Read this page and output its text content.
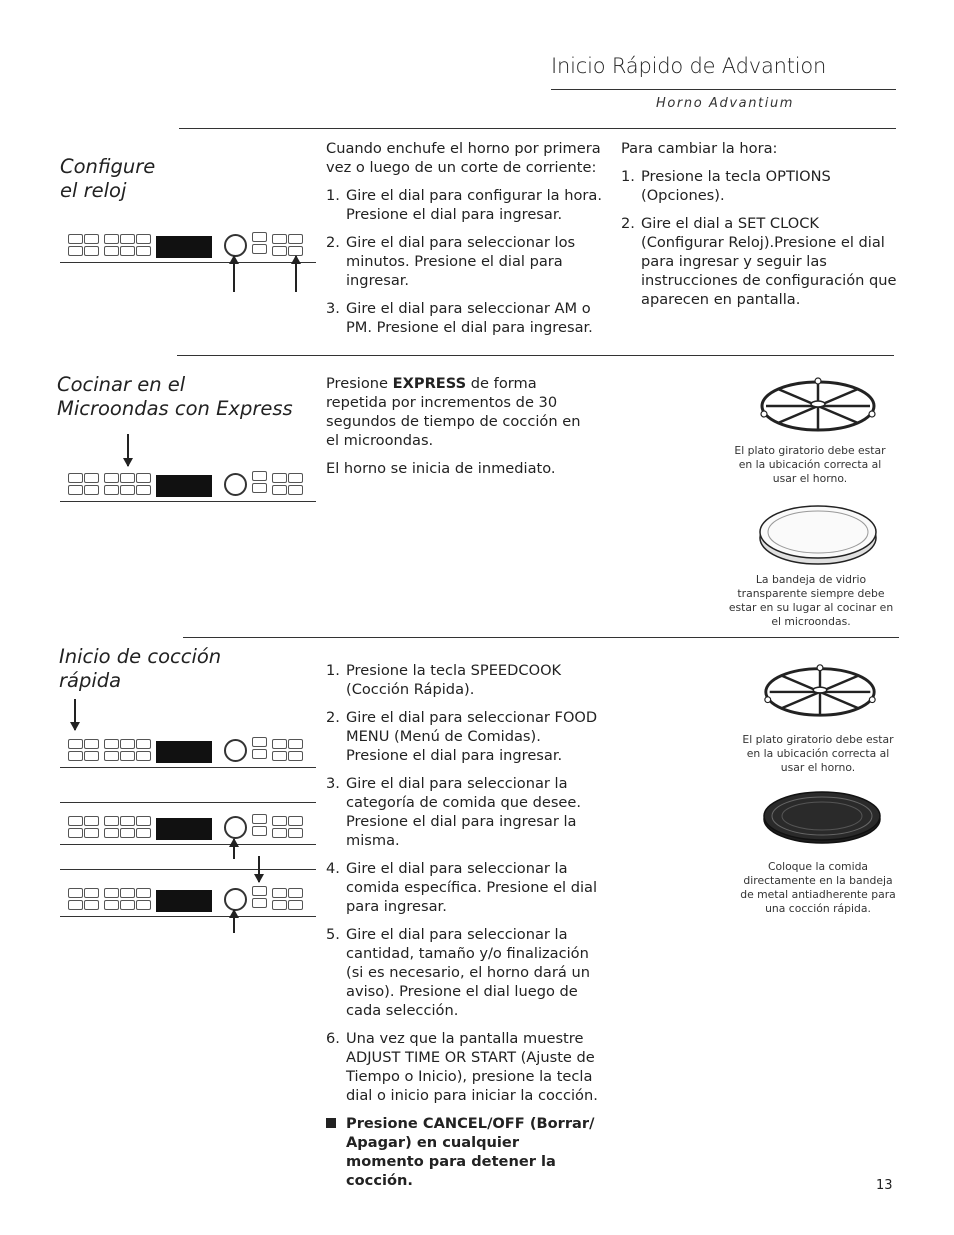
Inicio Rápido de Advantion
Horno Advantium
Configure
el reloj
Cuando enchufe el horno por primera vez o luego de un corte de corriente:
1. Gire el dial para configurar la hora. Presione el dial para ingresar.
2. Gire el dial para seleccionar los minutos. Presione el dial para ingresar.
3. Gire el dial para seleccionar AM o PM. Presione el dial para ingresar.
Para cambiar la hora:
1. Presione la tecla OPTIONS (Opciones).
2. Gire el dial a SET CLOCK (Configurar Reloj).Presione el dial para ingresar y seguir las instrucciones de configuración que aparecen en pantalla.
Cocinar en el
Microondas con Express
Presione EXPRESS de forma repetida por incrementos de 30 segundos de tiempo de cocción en el microondas.
El horno se inicia de inmediato.
El plato giratorio debe estar en la ubicación correcta al usar el horno.
La bandeja de vidrio transparente siempre debe estar en su lugar al cocinar en el microondas.
Inicio de cocción
rápida	1. Presione la tecla SPEEDCOOK (Cocción Rápida).
2. Gire el dial para seleccionar FOOD MENU (Menú de Comidas). Presione el dial para ingresar.
3. Gire el dial para seleccionar la categoría de comida que desee. Presione el dial para ingresar la misma.
4. Gire el dial para seleccionar la comida específica. Presione el dial para ingresar.
5. Gire el dial para seleccionar la cantidad, tamaño y/o finalización (si es necesario, el horno dará un aviso). Presione el dial luego de cada selección.
6. Una vez que la pantalla muestre ADJUST TIME OR START (Ajuste de Tiempo o Inicio), presione la tecla dial o inicio para iniciar la cocción.
Presione CANCEL/OFF (Borrar/ Apagar) en cualquier momento para detener la cocción.
El plato giratorio debe estar en la ubicación correcta al usar el horno.
Coloque la comida directamente en la bandeja de metal antiadherente para una cocción rápida.
13
